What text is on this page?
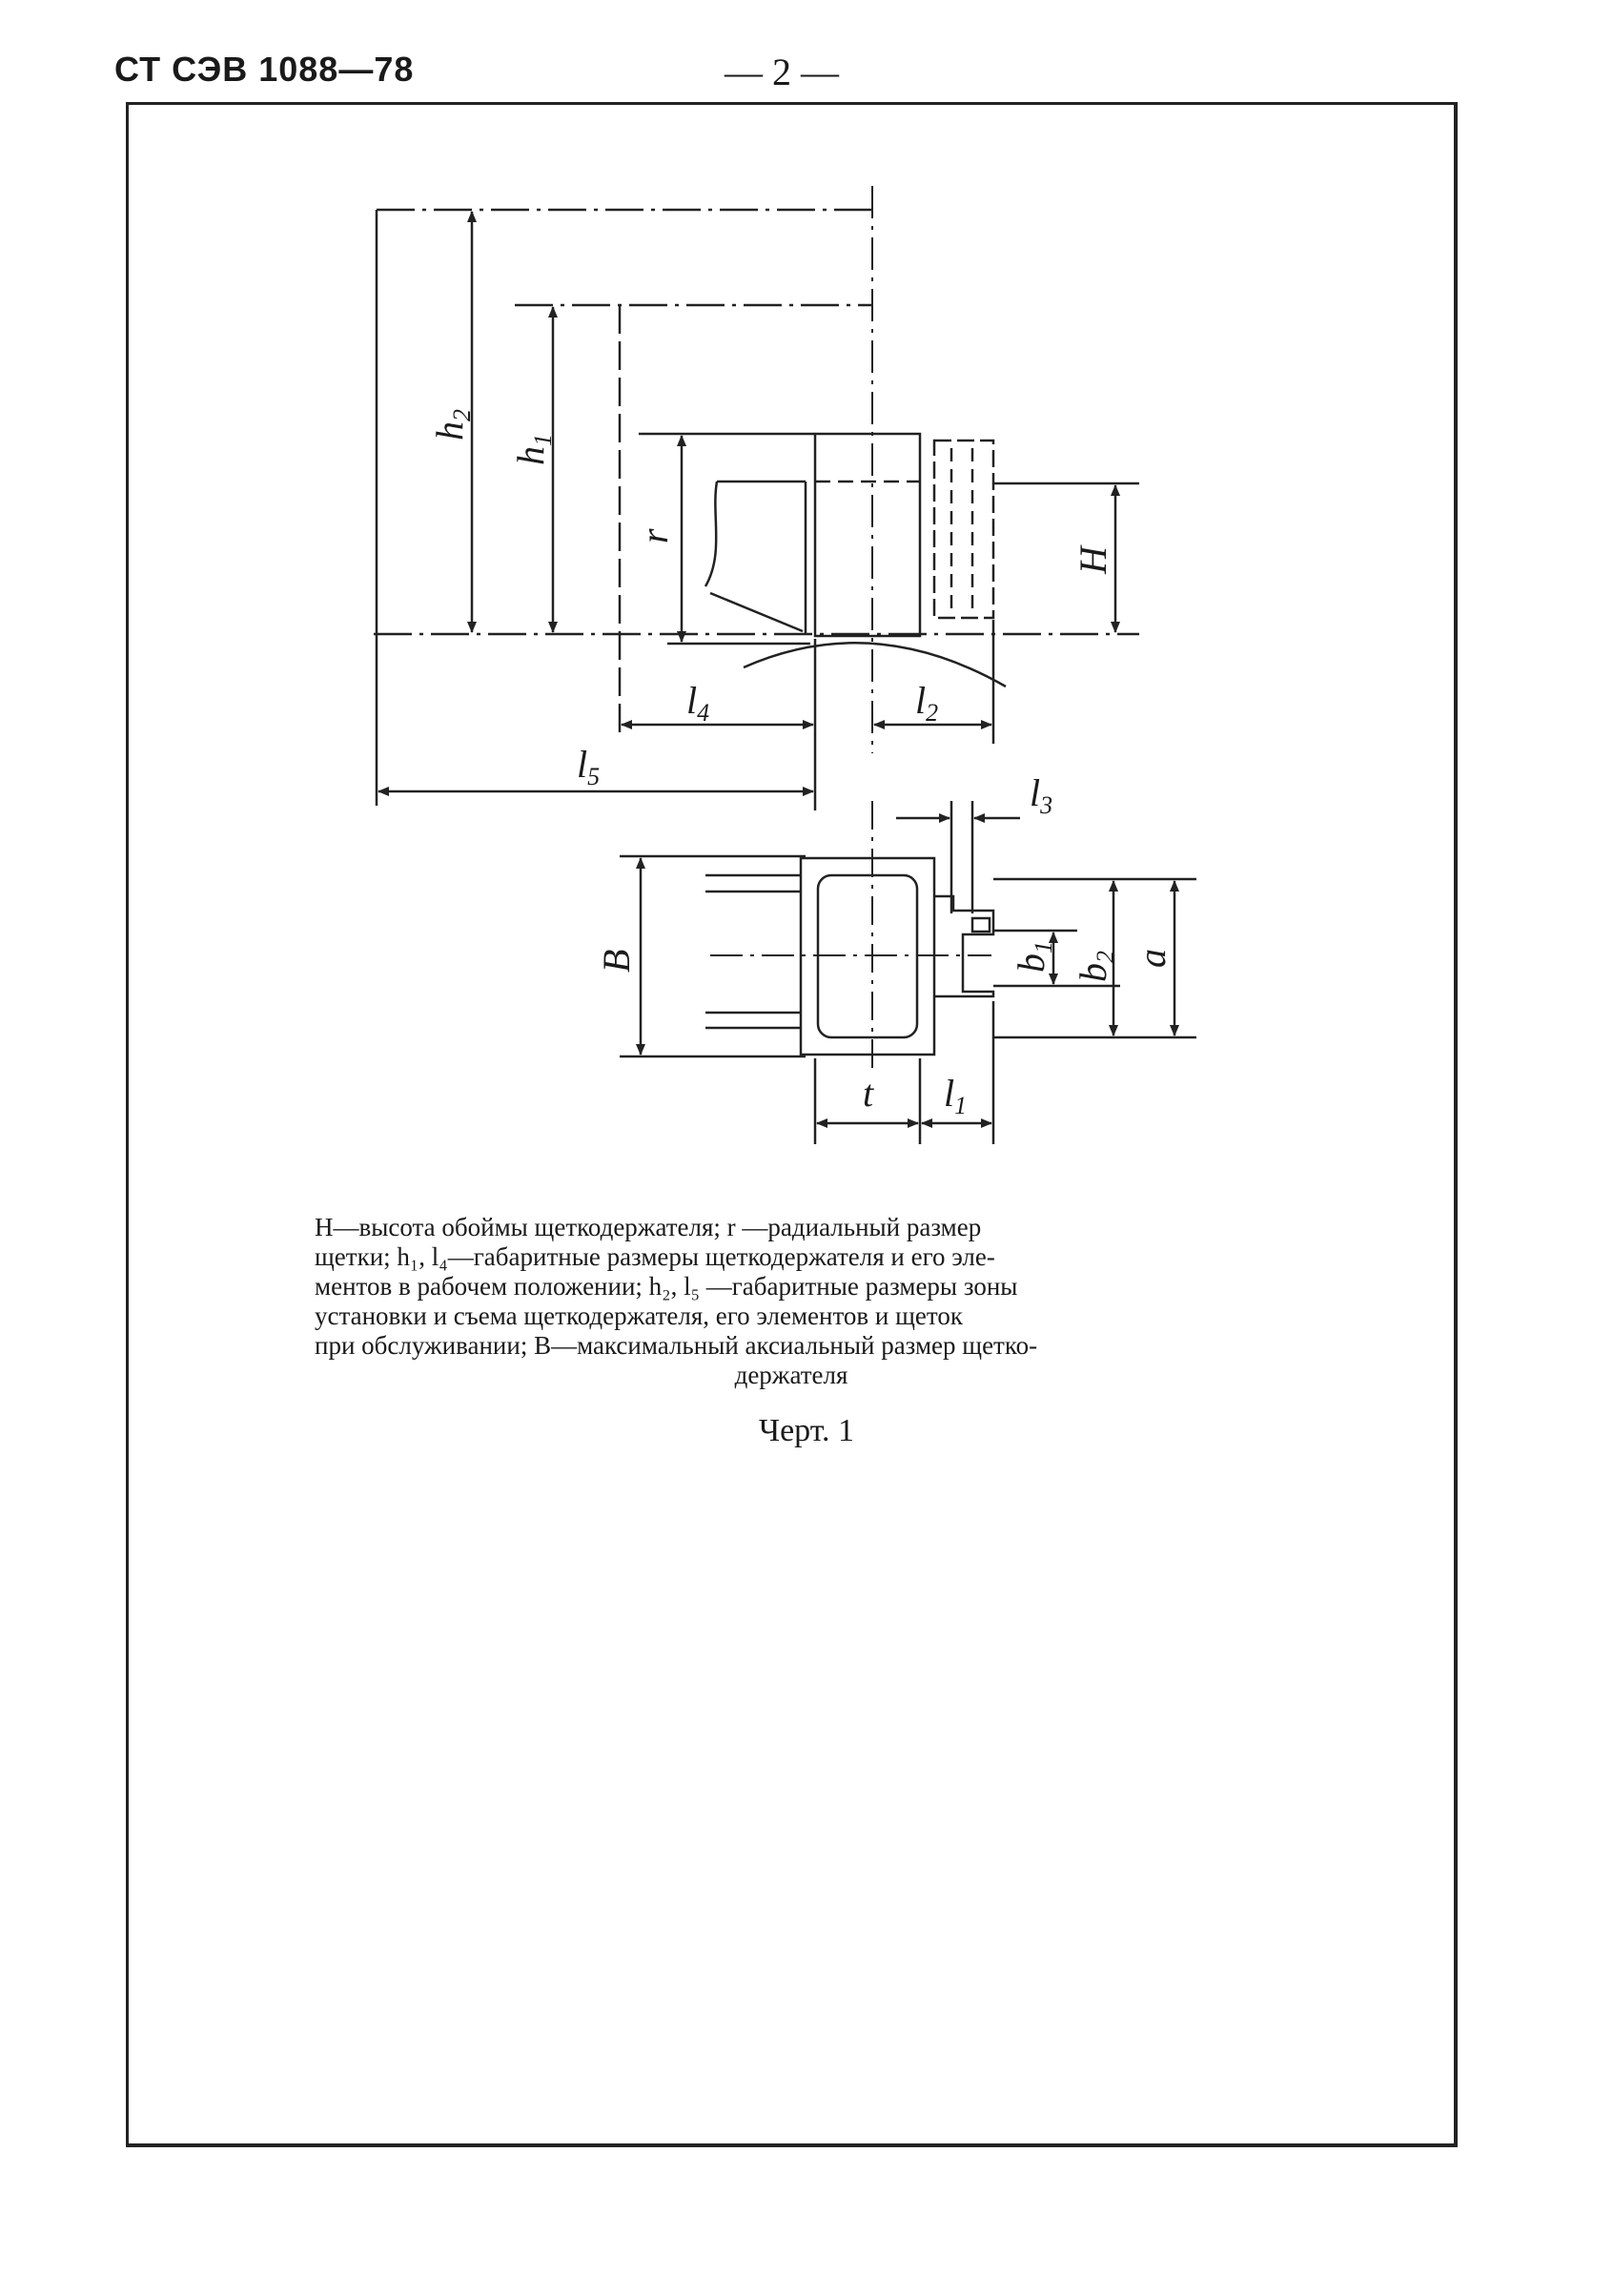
СТ СЭВ 1088—78	— 2 —
$h_2$
$h_1$
r
H
$l_4$	$l_2$
$l_5$	$l_3$
B	$b_1$
$b_2$ a
t $l_1$
H—высота обоймы щеткодержателя; r —радиальный размер
щетки; h₁, l₄—габаритные размеры щеткодержателя и его эле-
ментов в рабочем положении; h₂, l₅ —габаритные размеры зоны
установки и съема щеткодержателя, его элементов и щеток
при обслуживании; B—максимальный аксиальный размер щетко-
держателя
Черт. 1
